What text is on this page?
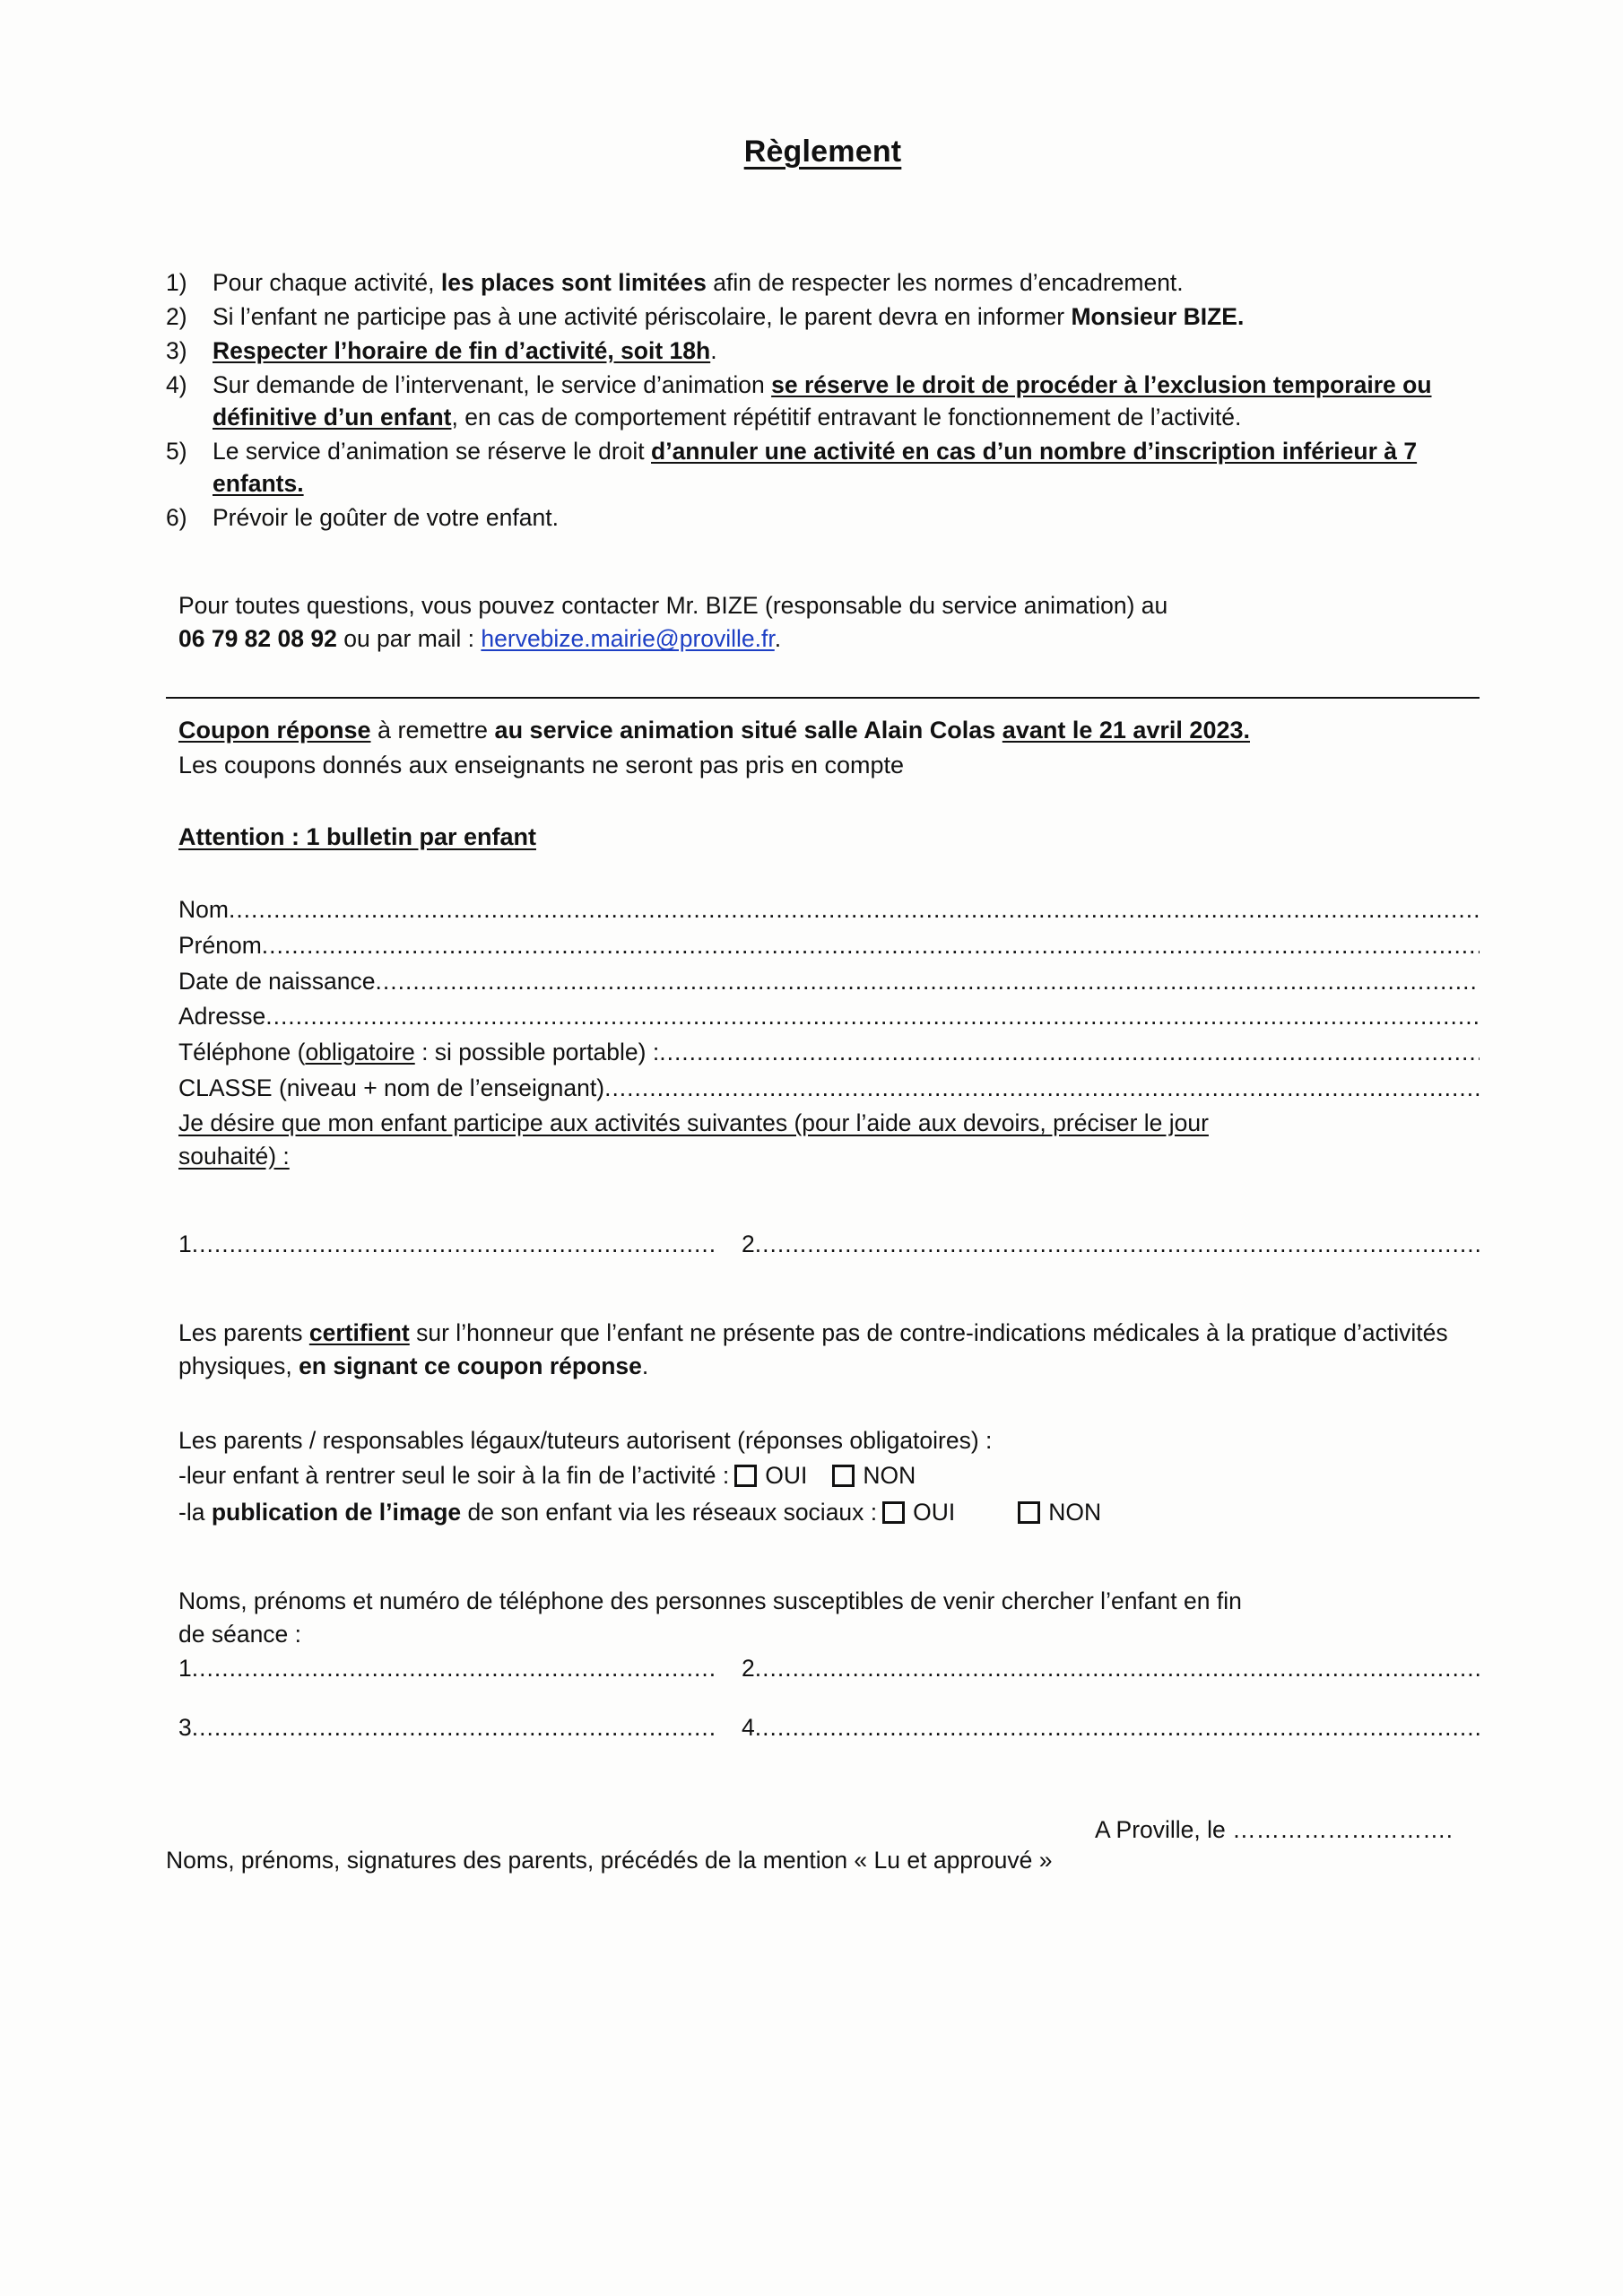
Règlement
1)	Pour chaque activité, les places sont limitées afin de respecter les normes d’encadrement.
2)	Si l’enfant ne participe pas à une activité périscolaire, le parent devra en informer Monsieur BIZE.
3)	Respecter l’horaire de fin d’activité, soit 18h.
4)	Sur demande de l’intervenant, le service d’animation se réserve le droit de procéder à l’exclusion temporaire ou définitive d’un enfant, en cas de comportement répétitif entravant le fonctionnement de l’activité.
5)	Le service d’animation se réserve le droit d’annuler une activité en cas d’un nombre d’inscription inférieur à 7 enfants.
6)	Prévoir le goûter de votre enfant.
Pour toutes questions, vous pouvez contacter Mr. BIZE (responsable du service animation) au
06 79 82 08 92 ou par mail : hervebize.mairie@proville.fr.
Coupon réponse à remettre au service animation situé salle Alain Colas avant le 21 avril 2023.
Les coupons donnés aux enseignants ne seront pas pris en compte
Attention : 1 bulletin par enfant
Nom
.....
Prénom
.....
Date de naissance
.....
Adresse
.....
Téléphone (obligatoire : si possible portable) :
.....
CLASSE (niveau + nom de l’enseignant)
.....
Je désire que mon enfant participe aux activités suivantes (pour l’aide aux devoirs, préciser le jour
souhaité) :
1 .....	2
.....
Les parents certifient sur l’honneur que l’enfant ne présente pas de contre-indications médicales à la pratique d’activités physiques, en signant ce coupon réponse.
Les parents / responsables légaux/tuteurs autorisent (réponses obligatoires) :
-leur enfant à rentrer seul le soir à la fin de l’activité : OUI NON
-la publication de l’image de son enfant via les réseaux sociaux : OUI	NON
Noms, prénoms et numéro de téléphone des personnes susceptibles de venir chercher l’enfant en fin
de séance :
1 .....	2
.....
3 .....	4
.....
A Proville, le ……………………….
Noms, prénoms, signatures des parents, précédés de la mention « Lu et approuvé »
